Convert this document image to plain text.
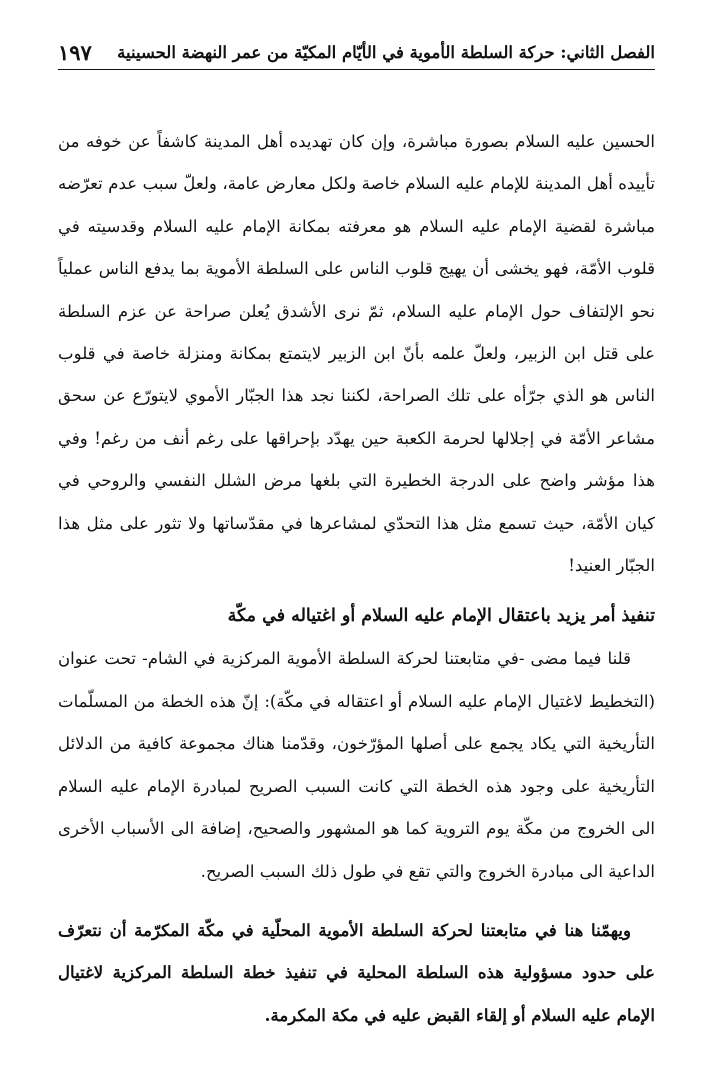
الفصل الثاني: حركة السلطة الأموية في الأيّام المكيّة من عمر النهضة الحسينية
١٩٧

الحسين عليه السلام بصورة مباشرة، وإن كان تهديده أهل المدينة كاشفاً عن خوفه من تأييده أهل المدينة للإمام عليه السلام خاصة ولكل معارض عامة، ولعلّ سبب عدم تعرّضه مباشرة لقضية الإمام عليه السلام هو معرفته بمكانة الإمام عليه السلام وقدسيته في قلوب الأمّة، فهو يخشى أن يهيج قلوب الناس على السلطة الأموية بما يدفع الناس عملياً نحو الإلتفاف حول الإمام عليه السلام، ثمّ نرى الأشدق يُعلن صراحة عن عزم السلطة على قتل ابن الزبير، ولعلّ علمه بأنّ ابن الزبير لايتمتع بمكانة ومنزلة خاصة في قلوب الناس هو الذي جرّأه على تلك الصراحة، لكننا نجد هذا الجبّار الأموي لايتورّع عن سحق مشاعر الأمّة في إجلالها لحرمة الكعبة حين يهدّد بإحراقها على رغم أنف من رغم! وفي هذا مؤشر واضح على الدرجة الخطيرة التي بلغها مرض الشلل النفسي والروحي في كيان الأمّة، حيث تسمع مثل هذا التحدّي لمشاعرها في مقدّساتها ولا تثور على مثل هذا الجبّار العنيد!

تنفيذ أمر يزيد باعتقال الإمام عليه السلام أو اغتياله في مكّة

قلنا فيما مضى -في متابعتنا لحركة السلطة الأموية المركزية في الشام- تحت عنوان (التخطيط لاغتيال الإمام عليه السلام أو اعتقاله في مكّة): إنّ هذه الخطة من المسلّمات التأريخية التي يكاد يجمع على أصلها المؤرّخون، وقدّمنا هناك مجموعة كافية من الدلائل التأريخية على وجود هذه الخطة التي كانت السبب الصريح لمبادرة الإمام عليه السلام الى الخروج من مكّة يوم التروية كما هو المشهور والصحيح، إضافة الى الأسباب الأخرى الداعية الى مبادرة الخروج والتي تقع في طول ذلك السبب الصريح.

ويهمّنا هنا في متابعتنا لحركة السلطة الأموية المحلّية في مكّة المكرّمة أن نتعرّف على حدود مسؤولية هذه السلطة المحلية في تنفيذ خطة السلطة المركزية لاغتيال الإمام عليه السلام أو إلقاء القبض عليه في مكة المكرمة.
